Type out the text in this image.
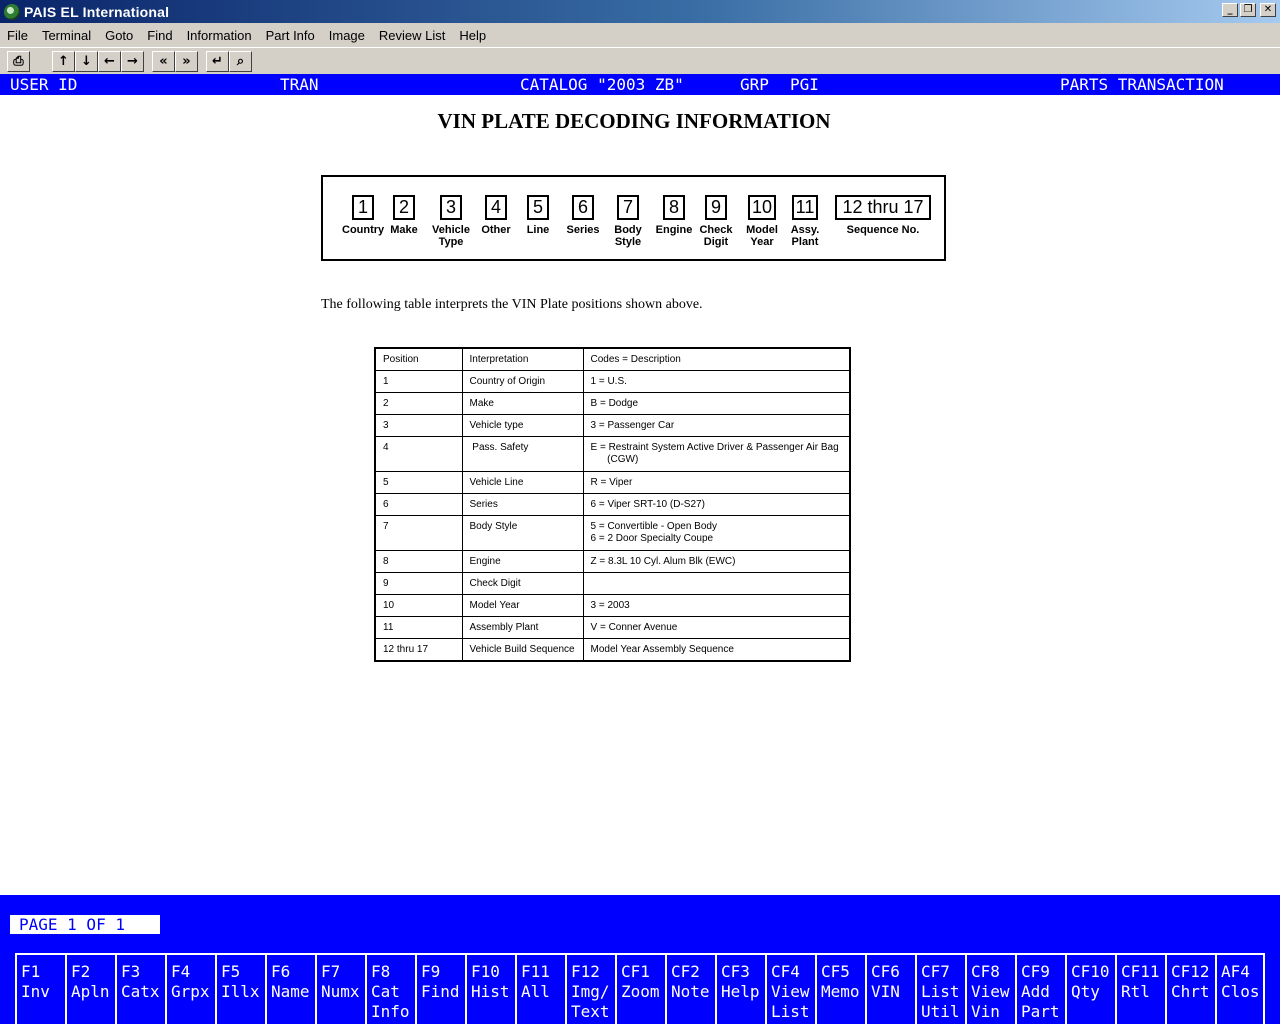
PAIS EL International	_	❐	✕
File	Terminal	Goto	Find	Information	Part Info	Image	Review List	Help
⎙	↑ ↓ ← →	«	»	↵	⌕
USER ID	TRAN	CATALOG "2003 ZB"	GRP PGI	PARTS TRANSACTION
VIN PLATE DECODING INFORMATION
1
Country
2
Make
3
Vehicle
Type
4
Other
5
Line
6
Series
7
Body
Style
8
Engine
9
Check
Digit
10
Model
Year
11
Assy.
Plant
12 thru 17
Sequence No.
The following table interprets the VIN Plate positions shown above.
Position	Interpretation	Codes = Description
1	Country of Origin	1 = U.S.
2	Make	B = Dodge
3	Vehicle type	3 = Passenger Car
4	Pass. Safety	E = Restraint System Active Driver & Passenger Air Bag
(CGW)
5	Vehicle Line	R = Viper
6	Series	6 = Viper SRT-10 (D-S27)
7	Body Style	5 = Convertible - Open Body
6 = 2 Door Specialty Coupe
8	Engine	Z = 8.3L 10 Cyl. Alum Blk (EWC)
9	Check Digit	
10	Model Year	3 = 2003
11	Assembly Plant	V = Conner Avenue
12 thru 17	Vehicle Build Sequence	Model Year Assembly Sequence
PAGE 1 OF 1
F1
Inv
F2
Apln
F3
Catx
F4
Grpx
F5
Illx
F6
Name
F7
Numx
F8
Cat
Info
F9
Find
F10
Hist
F11
All
F12
Img/
Text
CF1
Zoom
CF2
Note
CF3
Help
CF4
View
List
CF5
Memo
CF6
VIN
CF7
List
Util
CF8
View
Vin
CF9
Add
Part
CF10
Qty
CF11
Rtl
CF12
Chrt
AF4
Clos
